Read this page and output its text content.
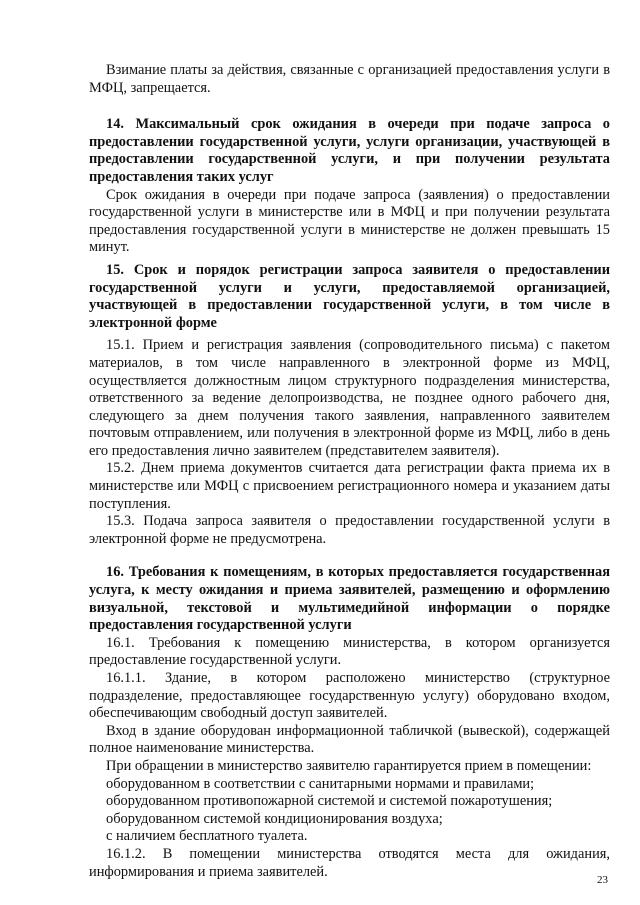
Взимание платы за действия, связанные с организацией предоставления услуги в МФЦ, запрещается.

14. Максимальный срок ожидания в очереди при подаче запроса о предоставлении государственной услуги, услуги организации, участвующей в предоставлении государственной услуги, и при получении результата предоставления таких услуг

Срок ожидания в очереди при подаче запроса (заявления) о предоставлении государственной услуги в министерстве или в МФЦ и при получении результата предоставления государственной услуги в министерстве не должен превышать 15 минут.

15. Срок и порядок регистрации запроса заявителя о предоставлении государственной услуги и услуги, предоставляемой организацией, участвующей в предоставлении государственной услуги, в том числе в электронной форме

15.1. Прием и регистрация заявления (сопроводительного письма) с пакетом материалов, в том числе направленного в электронной форме из МФЦ, осуществляется должностным лицом структурного подразделения министерства, ответственного за ведение делопроизводства, не позднее одного рабочего дня, следующего за днем получения такого заявления, направленного заявителем почтовым отправлением, или получения в электронной форме из МФЦ, либо в день его предоставления лично заявителем (представителем заявителя).

15.2. Днем приема документов считается дата регистрации факта приема их в министерстве или МФЦ с присвоением регистрационного номера и указанием даты поступления.

15.3. Подача запроса заявителя о предоставлении государственной услуги в электронной форме не предусмотрена.

16. Требования к помещениям, в которых предоставляется государственная услуга, к месту ожидания и приема заявителей, размещению и оформлению визуальной, текстовой и мультимедийной информации о порядке предоставления государственной услуги

16.1. Требования к помещению министерства, в котором организуется предоставление государственной услуги.

16.1.1. Здание, в котором расположено министерство (структурное подразделение, предоставляющее государственную услугу) оборудовано входом, обеспечивающим свободный доступ заявителей.

Вход в здание оборудован информационной табличкой (вывеской), содержащей полное наименование министерства.

При обращении в министерство заявителю гарантируется прием в помещении:

оборудованном в соответствии с санитарными нормами и правилами;

оборудованном противопожарной системой и системой пожаротушения;

оборудованном системой кондиционирования воздуха;

с наличием бесплатного туалета.

16.1.2. В помещении министерства отводятся места для ожидания, информирования и приема заявителей.

23
